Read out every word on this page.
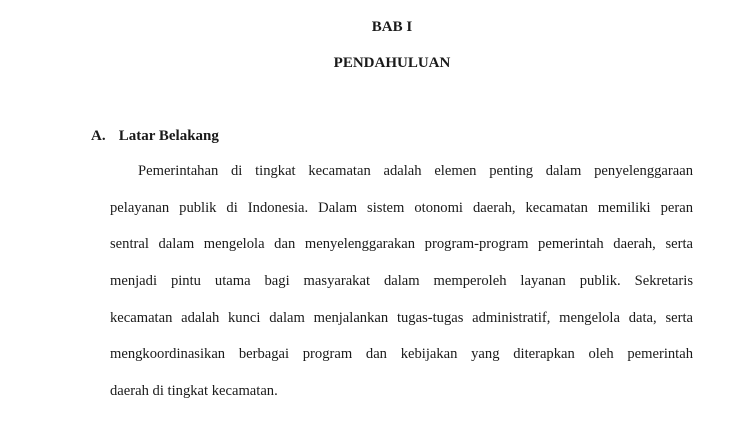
BAB I
PENDAHULUAN
A. Latar Belakang
Pemerintahan di tingkat kecamatan adalah elemen penting dalam penyelenggaraan
pelayanan publik di Indonesia. Dalam sistem otonomi daerah, kecamatan memiliki peran
sentral dalam mengelola dan menyelenggarakan program-program pemerintah daerah, serta
menjadi pintu utama bagi masyarakat dalam memperoleh layanan publik. Sekretaris
kecamatan adalah kunci dalam menjalankan tugas-tugas administratif, mengelola data, serta
mengkoordinasikan berbagai program dan kebijakan yang diterapkan oleh pemerintah
daerah di tingkat kecamatan.
